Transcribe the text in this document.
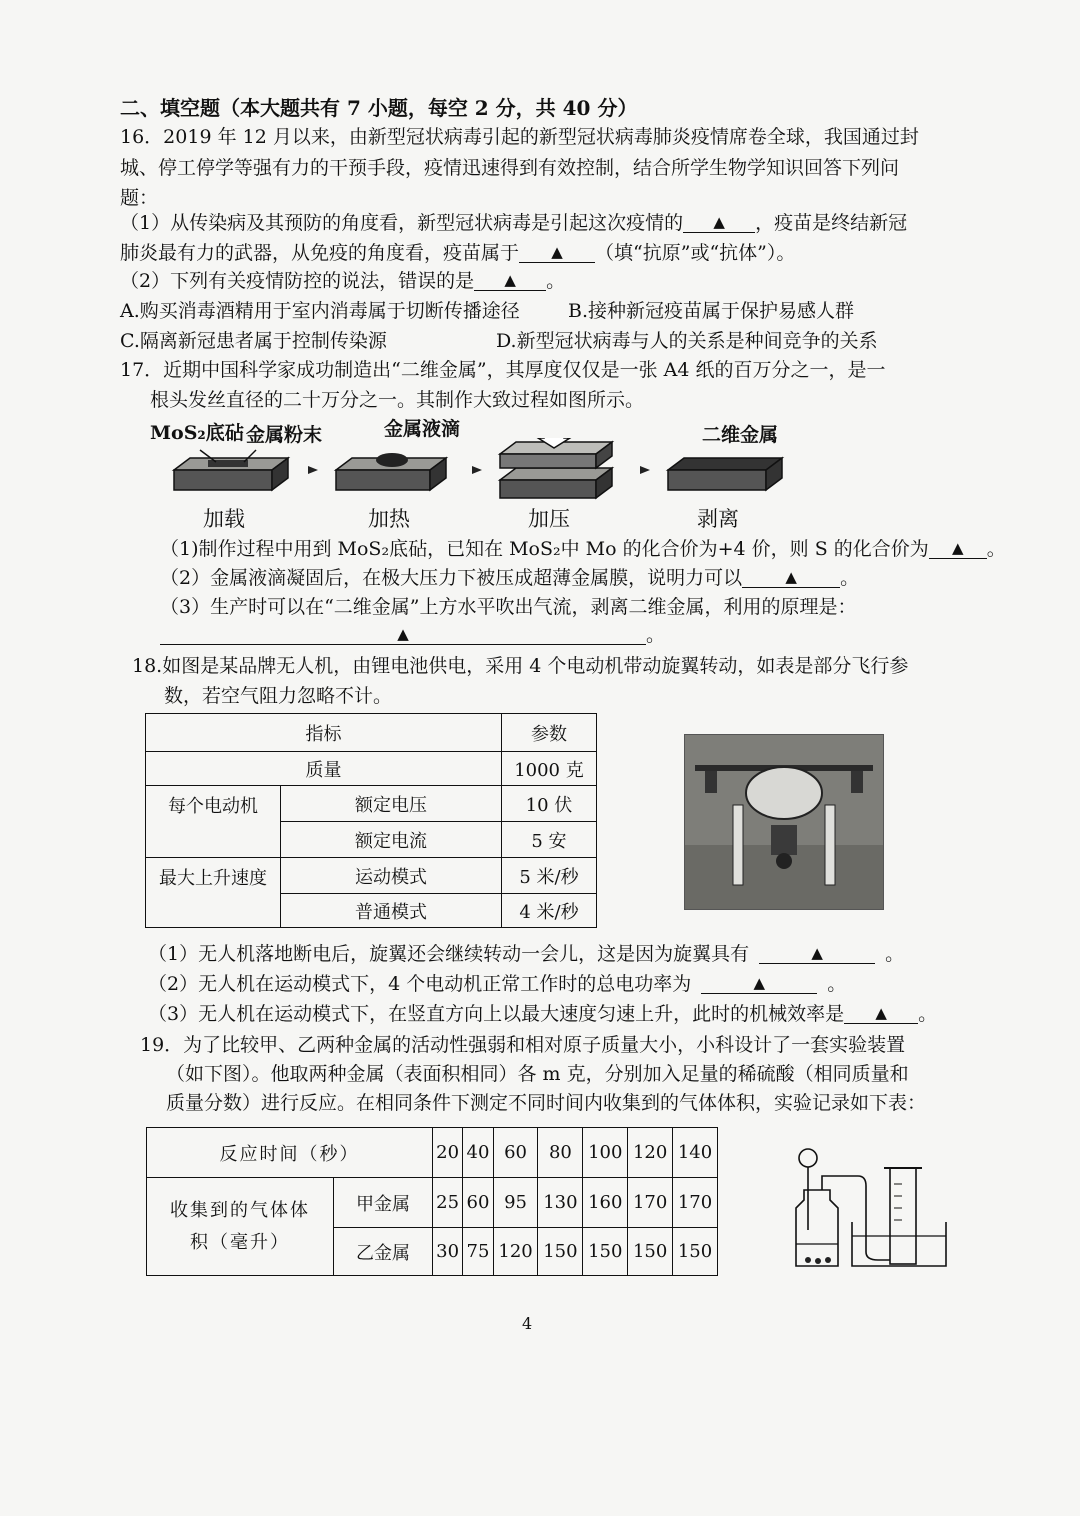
二、填空题（本大题共有 7 小题，每空 2 分，共 40 分）
16．2019 年 12 月以来，由新型冠状病毒引起的新型冠状病毒肺炎疫情席卷全球，我国通过封
城、停工停学等强有力的干预手段，疫情迅速得到有效控制，结合所学生物学知识回答下列问
题：
（1）从传染病及其预防的角度看，新型冠状病毒是引起这次疫情的 ▲ ，疫苗是终结新冠
肺炎最有力的武器，从免疫的角度看，疫苗属于 ▲ （填“抗原”或“抗体”）。
（2）下列有关疫情防控的说法，错误的是 ▲ 。
A.购买消毒酒精用于室内消毒属于切断传播途径	B.接种新冠疫苗属于保护易感人群
C.隔离新冠患者属于控制传染源	D.新型冠状病毒与人的关系是种间竞争的关系
17．近期中国科学家成功制造出“二维金属”，其厚度仅仅是一张 A4 纸的百万分之一，是一
根头发丝直径的二十万分之一。其制作大致过程如图所示。
MoS₂底砧 金属粉末	金属液滴	二维金属
加载	加热	加压	剥离
（1)制作过程中用到 MoS₂底砧，已知在 MoS₂中 Mo 的化合价为+4 价，则 S 的化合价为 ▲ 。
（2）金属液滴凝固后，在极大压力下被压成超薄金属膜，说明力可以	▲ 。
（3）生产时可以在“二维金属”上方水平吹出气流，剥离二维金属，利用的原理是：
▲	。
18.如图是某品牌无人机，由锂电池供电，采用 4 个电动机带动旋翼转动，如表是部分飞行参
数，若空气阻力忽略不计。
指标		参数
质量		1000 克
每个电动机	额定电压	10 伏
	额定电流	5 安
最大上升速度	运动模式	5 米/秒
	普通模式	4 米/秒
（1）无人机落地断电后，旋翼还会继续转动一会儿，这是因为旋翼具有	▲	。
（2）无人机在运动模式下，4 个电动机正常工作时的总电功率为	▲	。
（3）无人机在运动模式下，在竖直方向上以最大速度匀速上升，此时的机械效率是 ▲ 。
19．为了比较甲、乙两种金属的活动性强弱和相对原子质量大小，小科设计了一套实验装置
（如下图）。他取两种金属（表面积相同）各 m 克，分别加入足量的稀硫酸（相同质量和
质量分数）进行反应。在相同条件下测定不同时间内收集到的气体体积，实验记录如下表：
反应时间（秒）		20	40	60	80	100	120	140

收集到的气体体
积（毫升）	甲金属	25	60	95	130	160	170	170
	乙金属	30	75	120	150	150	150	150
4
